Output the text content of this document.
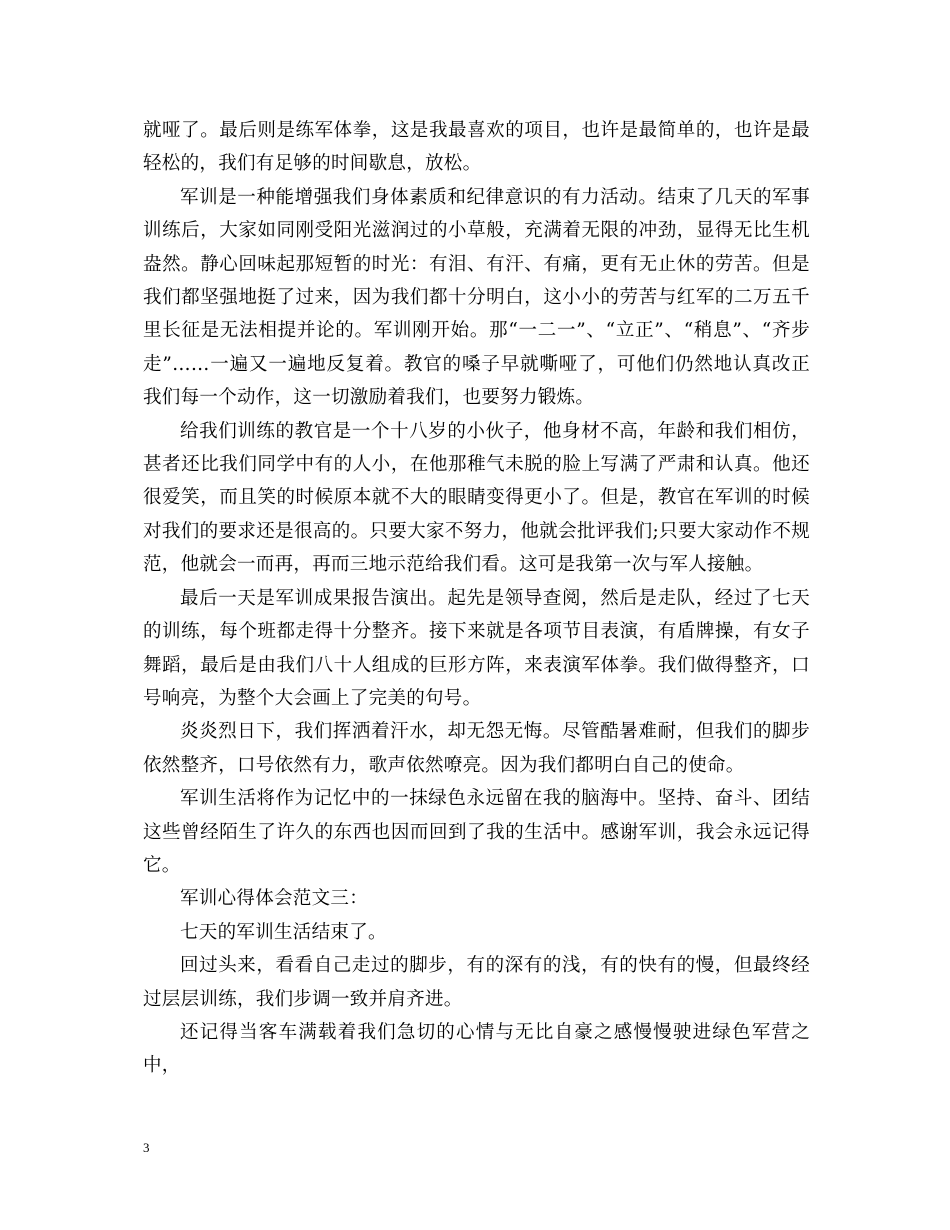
就哑了。最后则是练军体拳，这是我最喜欢的项目，也许是最简单的，也许是最轻松的，我们有足够的时间歇息，放松。

军训是一种能增强我们身体素质和纪律意识的有力活动。结束了几天的军事训练后，大家如同刚受阳光滋润过的小草般，充满着无限的冲劲，显得无比生机盎然。静心回味起那短暂的时光：有泪、有汗、有痛，更有无止休的劳苦。但是我们都坚强地挺了过来，因为我们都十分明白，这小小的劳苦与红军的二万五千里长征是无法相提并论的。军训刚开始。那“一二一”、“立正”、“稍息”、“齐步走”……一遍又一遍地反复着。教官的嗓子早就嘶哑了，可他们仍然地认真改正我们每一个动作，这一切激励着我们，也要努力锻炼。

给我们训练的教官是一个十八岁的小伙子，他身材不高，年龄和我们相仿，甚者还比我们同学中有的人小，在他那稚气未脱的脸上写满了严肃和认真。他还很爱笑，而且笑的时候原本就不大的眼睛变得更小了。但是，教官在军训的时候对我们的要求还是很高的。只要大家不努力，他就会批评我们;只要大家动作不规范，他就会一而再，再而三地示范给我们看。这可是我第一次与军人接触。

最后一天是军训成果报告演出。起先是领导查阅，然后是走队，经过了七天的训练，每个班都走得十分整齐。接下来就是各项节目表演，有盾牌操，有女子舞蹈，最后是由我们八十人组成的巨形方阵，来表演军体拳。我们做得整齐，口号响亮，为整个大会画上了完美的句号。

炎炎烈日下，我们挥洒着汗水，却无怨无悔。尽管酷暑难耐，但我们的脚步依然整齐，口号依然有力，歌声依然嘹亮。因为我们都明白自己的使命。

军训生活将作为记忆中的一抹绿色永远留在我的脑海中。坚持、奋斗、团结这些曾经陌生了许久的东西也因而回到了我的生活中。感谢军训，我会永远记得它。

军训心得体会范文三：

七天的军训生活结束了。

回过头来，看看自己走过的脚步，有的深有的浅，有的快有的慢，但最终经过层层训练，我们步调一致并肩齐进。

还记得当客车满载着我们急切的心情与无比自豪之感慢慢驶进绿色军营之中，

3
